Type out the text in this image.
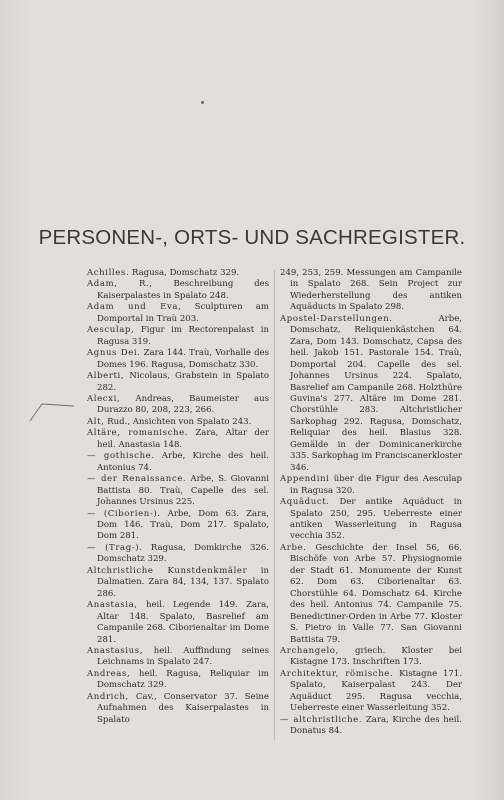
PERSONEN-, ORTS- UND SACHREGISTER.
Achilles. Ragusa, Domschatz 329.
Adam, R., Beschreibung des Kaiserpalastes in Spalato 248.
Adam und Eva, Sculpturen am Domportal in Traù 203.
Aesculap, Figur im Rectorenpalast in Ragusa 319.
Agnus Dei. Zara 144. Traù, Vorhalle des Domes 196. Ragusa, Domschatz 330.
Alberti, Nicolaus, Grabstein in Spalato 282.
Alecxi, Andreas, Baumeister aus Durazzo 80, 208, 223, 266.
Alt, Rud., Ansichten von Spalato 243.
Altäre, romanische. Zara, Altar der heil. Anastasia 148.
— gothische. Arbe, Kirche des heil. Antonius 74.
— der Renaissance. Arbe, S. Giovanni Battista 80. Traù, Capelle des sel. Johannes Ursinus 225.
— (Ciborien-). Arbe, Dom 63. Zara, Dom 146. Traù, Dom 217. Spalato, Dom 281.
— (Trag-). Ragusa, Domkirche 326. Domschatz 329.
Altchristliche Kunstdenkmäler in Dalmatien. Zara 84, 134, 137. Spalato 286.
Anastasia, heil. Legende 149. Zara, Altar 148. Spalato, Basrelief am Campanile 268. Ciborienaltar im Dome 281.
Anastasius, heil. Auffindung seines Leichnams in Spalato 247.
Andreas, heil. Ragusa, Reliquiar im Domschatz 329.
Andrich, Cav., Conservator 37. Seine Aufnahmen des Kaiserpalastes in Spalato
249, 253, 259. Messungen am Campanile in Spalato 268. Sein Project zur Wiederherstellung des antiken Aquäducts in Spalato 298.
Apostel-Darstellungen. Arbe, Domschatz, Reliquienkästchen 64. Zara, Dom 143. Domschatz, Capsa des heil. Jakob 151. Pastorale 154. Traù, Domportal 204. Capelle des sel. Johannes Ursinus 224. Spalato, Basrelief am Campanile 268. Holzthüre Guvina's 277. Altäre im Dome 281. Chorstühle 283. Altchristlicher Sarkophag 292. Ragusa, Domschatz, Reliquiar des heil. Blasius 328. Gemälde in der Dominicanerkirche 335. Sarkophag im Franciscanerkloster 346.
Appendini über die Figur des Aesculap in Ragusa 320.
Aquäduct. Der antike Aquäduct in Spalato 250, 295. Ueberreste einer antiken Wasserleitung in Ragusa vecchia 352.
Arbe. Geschichte der Insel 56, 66. Bischöfe von Arbe 57. Physiognomie der Stadt 61. Monumente der Kunst 62. Dom 63. Ciborienaltar 63. Chorstühle 64. Domschatz 64. Kirche des heil. Antonius 74. Campanile 75. Benedictiner-Orden in Arbe 77. Kloster S. Pietro in Valle 77. San Giovanni Battista 79.
Archangelo, griech. Kloster bei Kistagne 173. Inschriften 173.
Architektur, römische. Kistagne 171. Spalato, Kaiserpalast 243. Der Aquäduct 295. Ragusa vecchia, Ueberreste einer Wasserleitung 352.
— altchristliche. Zara, Kirche des heil. Donatus 84.
